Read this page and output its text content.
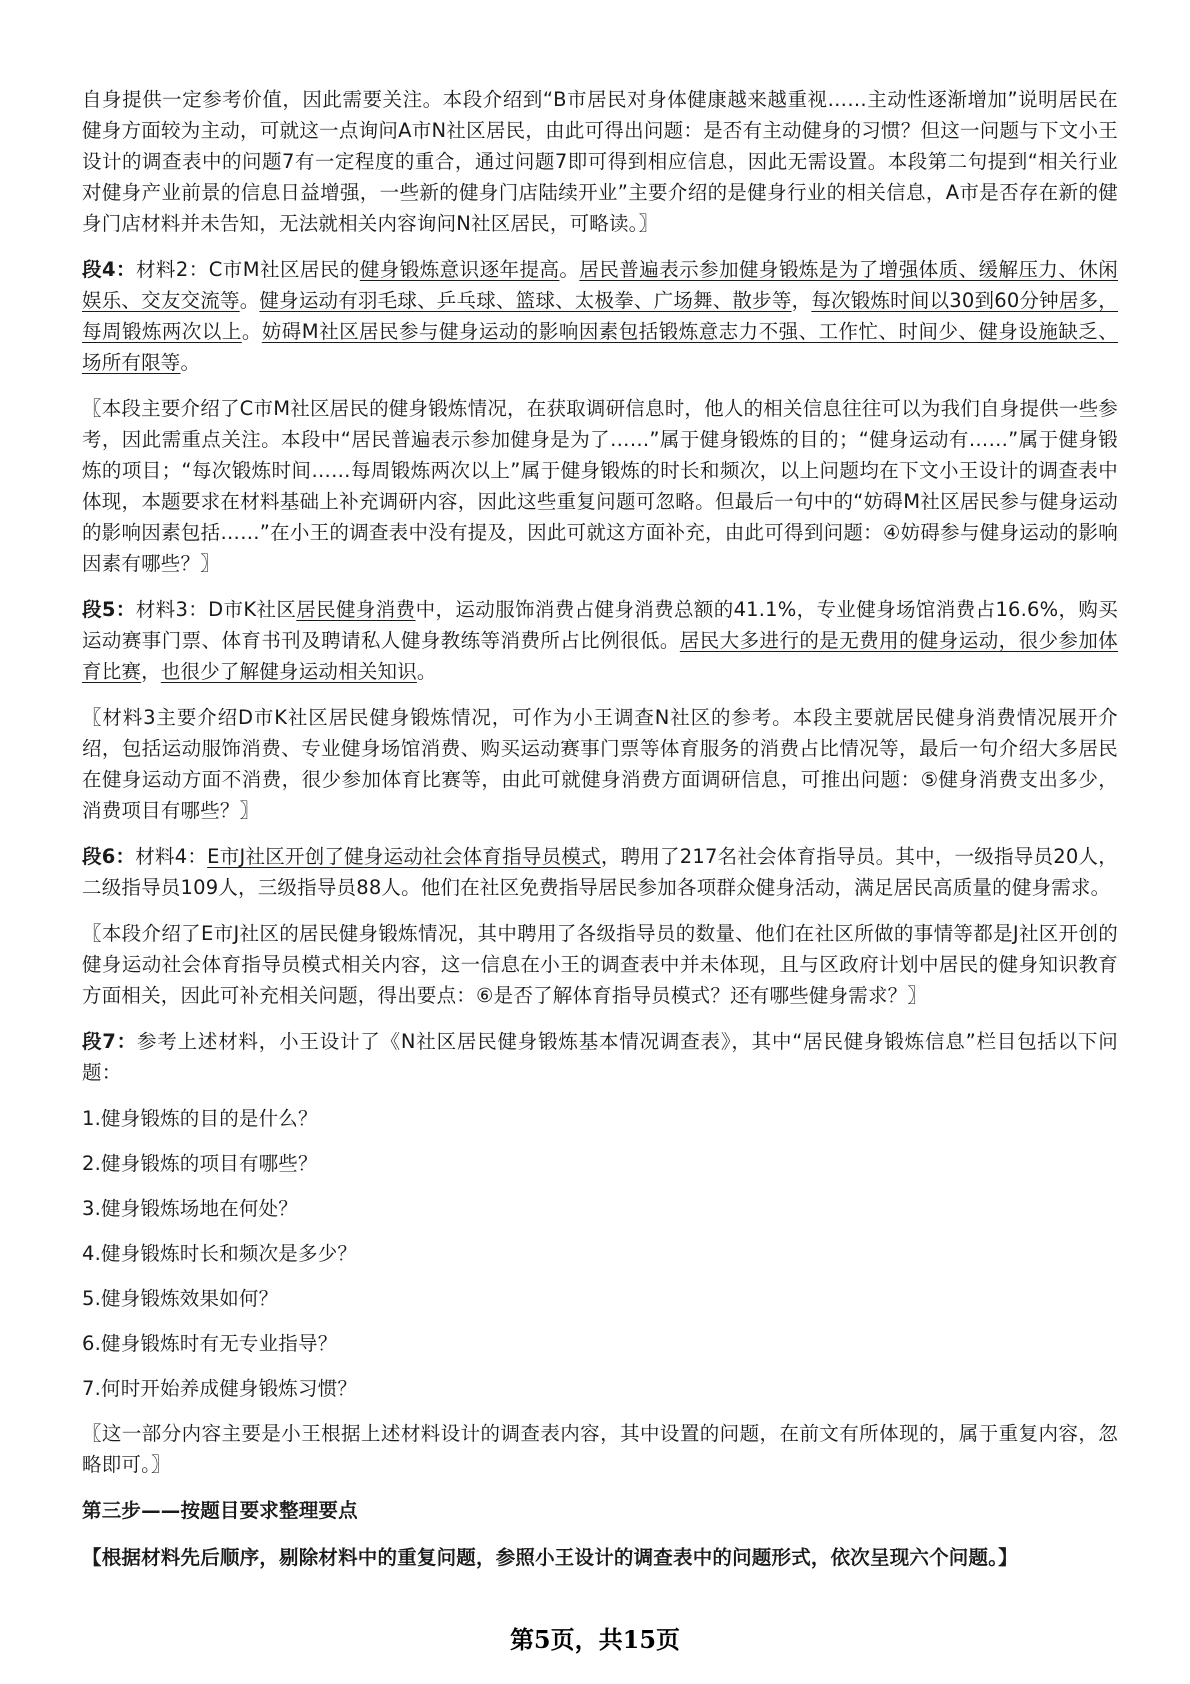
自身提供一定参考价值，因此需要关注。本段介绍到“B市居民对身体健康越来越重视……主动性逐渐增加”说明居民在健身方面较为主动，可就这一点询问A市N社区居民，由此可得出问题：是否有主动健身的习惯？但这一问题与下文小王设计的调查表中的问题7有一定程度的重合，通过问题7即可得到相应信息，因此无需设置。本段第二句提到“相关行业对健身产业前景的信息日益增强，一些新的健身门店陆续开业”主要介绍的是健身行业的相关信息，A市是否存在新的健身门店材料并未告知，无法就相关内容询问N社区居民，可略读。〗

段4：材料2：C市M社区居民的健身锻炼意识逐年提高。居民普遍表示参加健身锻炼是为了增强体质、缓解压力、休闲娱乐、交友交流等。健身运动有羽毛球、乒乓球、篮球、太极拳、广场舞、散步等，每次锻炼时间以30到60分钟居多，每周锻炼两次以上。妨碍M社区居民参与健身运动的影响因素包括锻炼意志力不强、工作忙、时间少、健身设施缺乏、场所有限等。

〖本段主要介绍了C市M社区居民的健身锻炼情况，在获取调研信息时，他人的相关信息往往可以为我们自身提供一些参考，因此需重点关注。本段中“居民普遍表示参加健身是为了……”属于健身锻炼的目的；“健身运动有……”属于健身锻炼的项目；“每次锻炼时间……每周锻炼两次以上”属于健身锻炼的时长和频次，以上问题均在下文小王设计的调查表中体现，本题要求在材料基础上补充调研内容，因此这些重复问题可忽略。但最后一句中的“妨碍M社区居民参与健身运动的影响因素包括……”在小王的调查表中没有提及，因此可就这方面补充，由此可得到问题：④妨碍参与健身运动的影响因素有哪些？〗

段5：材料3：D市K社区居民健身消费中，运动服饰消费占健身消费总额的41.1%，专业健身场馆消费占16.6%，购买运动赛事门票、体育书刊及聘请私人健身教练等消费所占比例很低。居民大多进行的是无费用的健身运动，很少参加体育比赛，也很少了解健身运动相关知识。

〖材料3主要介绍D市K社区居民健身锻炼情况，可作为小王调查N社区的参考。本段主要就居民健身消费情况展开介绍，包括运动服饰消费、专业健身场馆消费、购买运动赛事门票等体育服务的消费占比情况等，最后一句介绍大多居民在健身运动方面不消费，很少参加体育比赛等，由此可就健身消费方面调研信息，可推出问题：⑤健身消费支出多少，消费项目有哪些？〗

段6：材料4：E市J社区开创了健身运动社会体育指导员模式，聘用了217名社会体育指导员。其中，一级指导员20人，二级指导员109人，三级指导员88人。他们在社区免费指导居民参加各项群众健身活动，满足居民高质量的健身需求。

〖本段介绍了E市J社区的居民健身锻炼情况，其中聘用了各级指导员的数量、他们在社区所做的事情等都是J社区开创的健身运动社会体育指导员模式相关内容，这一信息在小王的调查表中并未体现，且与区政府计划中居民的健身知识教育方面相关，因此可补充相关问题，得出要点：⑥是否了解体育指导员模式？还有哪些健身需求？〗

段7：参考上述材料，小王设计了《N社区居民健身锻炼基本情况调查表》，其中“居民健身锻炼信息”栏目包括以下问题：

1.健身锻炼的目的是什么？
2.健身锻炼的项目有哪些？
3.健身锻炼场地在何处？
4.健身锻炼时长和频次是多少？
5.健身锻炼效果如何？
6.健身锻炼时有无专业指导？
7.何时开始养成健身锻炼习惯？

〖这一部分内容主要是小王根据上述材料设计的调查表内容，其中设置的问题，在前文有所体现的，属于重复内容，忽略即可。〗

第三步——按题目要求整理要点

【根据材料先后顺序，剔除材料中的重复问题，参照小王设计的调查表中的问题形式，依次呈现六个问题。】

第5页，共15页
